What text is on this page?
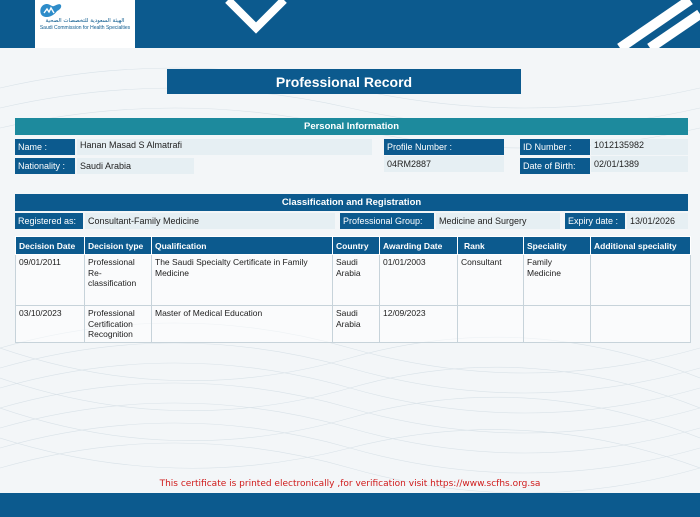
الهيئة السعودية للتخصصات الصحية
Saudi Commission for Health Specialties
Professional Record
Personal Information
Name :	Hanan Masad S Almatrafi	Profile Number :
04RM2887
ID Number :	1012135982
Nationality :	Saudi Arabia	Date of Birth:	02/01/1389
Classification and Registration
Registered as:	Consultant-Family Medicine	Professional Group:	Medicine and Surgery	Expiry date :	13/01/2026
Decision Date	Decision type	Qualification	Country	Awarding Date	Rank	Speciality	Additional speciality
09/01/2011	Professional Re-classification	The Saudi Specialty Certificate in Family Medicine	Saudi Arabia	01/01/2003	Consultant	Family Medicine	
03/10/2023	Professional Certification Recognition	Master of Medical Education	Saudi Arabia	12/09/2023			
This certificate is printed electronically ,for verification visit https://www.scfhs.org.sa
